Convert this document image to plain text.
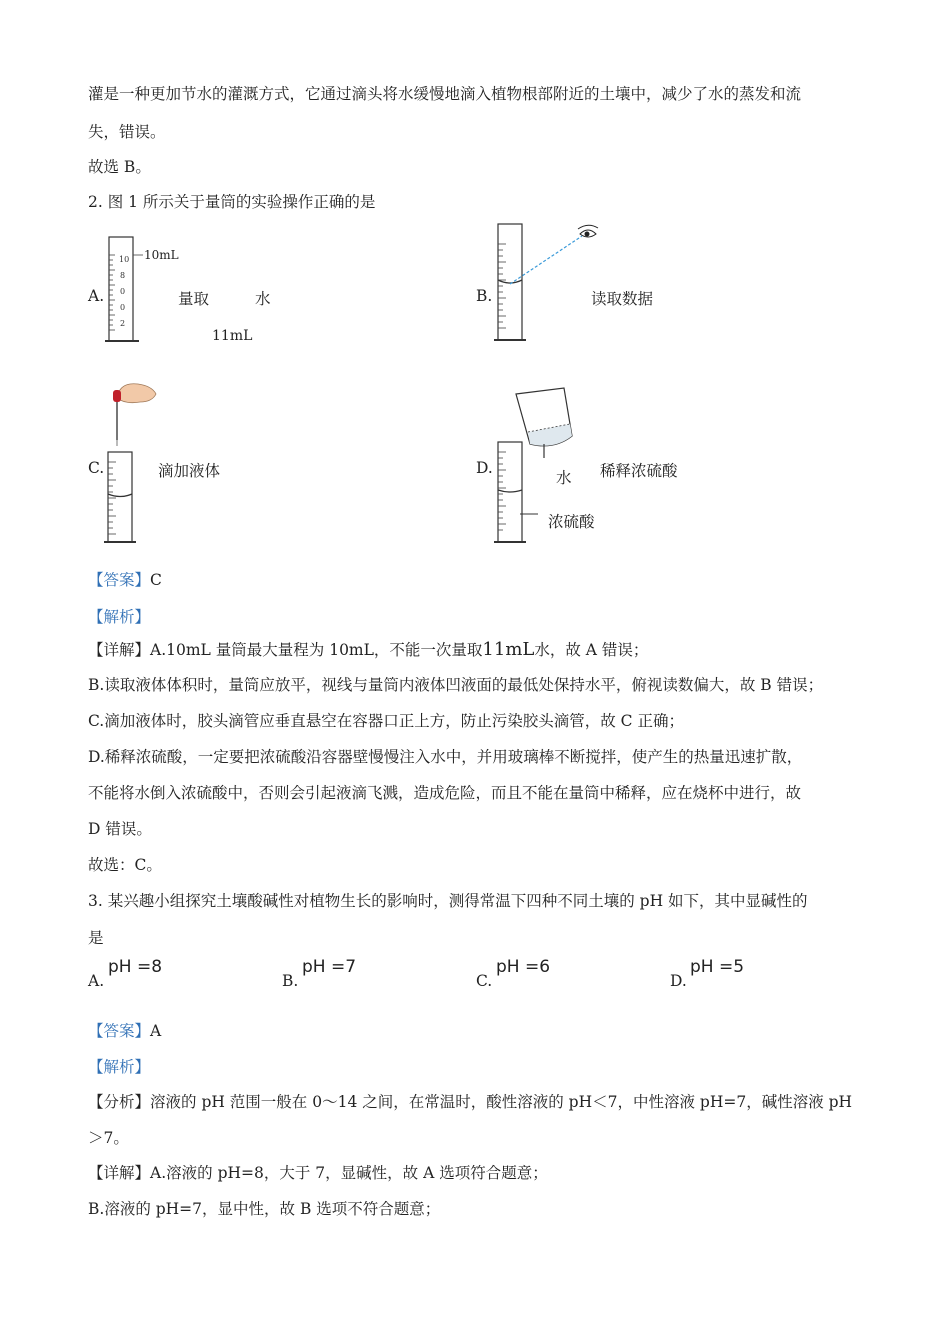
灌是一种更加节水的灌溉方式，它通过滴头将水缓慢地滴入植物根部附近的土壤中，减少了水的蒸发和流
失，错误。
故选 B。
2. 图 1 所示关于量筒的实验操作正确的是
A.
10
8
0
0
2
10mL
量取	水
11mL
B.	读取数据
C.	滴加液体	D.
水 稀释浓硫酸
浓硫酸
【答案】C
【解析】
【详解】A.10mL 量筒最大量程为 10mL，不能一次量取11mL水，故 A 错误；
B.读取液体体积时，量筒应放平，视线与量筒内液体凹液面的最低处保持水平，俯视读数偏大，故 B 错误；
C.滴加液体时，胶头滴管应垂直悬空在容器口正上方，防止污染胶头滴管，故 C 正确；
D.稀释浓硫酸，一定要把浓硫酸沿容器壁慢慢注入水中，并用玻璃棒不断搅拌，使产生的热量迅速扩散，
不能将水倒入浓硫酸中，否则会引起液滴飞溅，造成危险，而且不能在量筒中稀释，应在烧杯中进行，故
D 错误。
故选：C。
3. 某兴趣小组探究土壤酸碱性对植物生长的影响时，测得常温下四种不同土壤的 pH 如下，其中显碱性的
是
A.
pH =8
B.
pH =7
C.
pH =6
D.
pH =5
【答案】A
【解析】
【分析】溶液的 pH 范围一般在 0～14 之间，在常温时，酸性溶液的 pH＜7，中性溶液 pH=7，碱性溶液 pH
＞7。
【详解】A.溶液的 pH=8，大于 7，显碱性，故 A 选项符合题意；
B.溶液的 pH=7，显中性，故 B 选项不符合题意；
